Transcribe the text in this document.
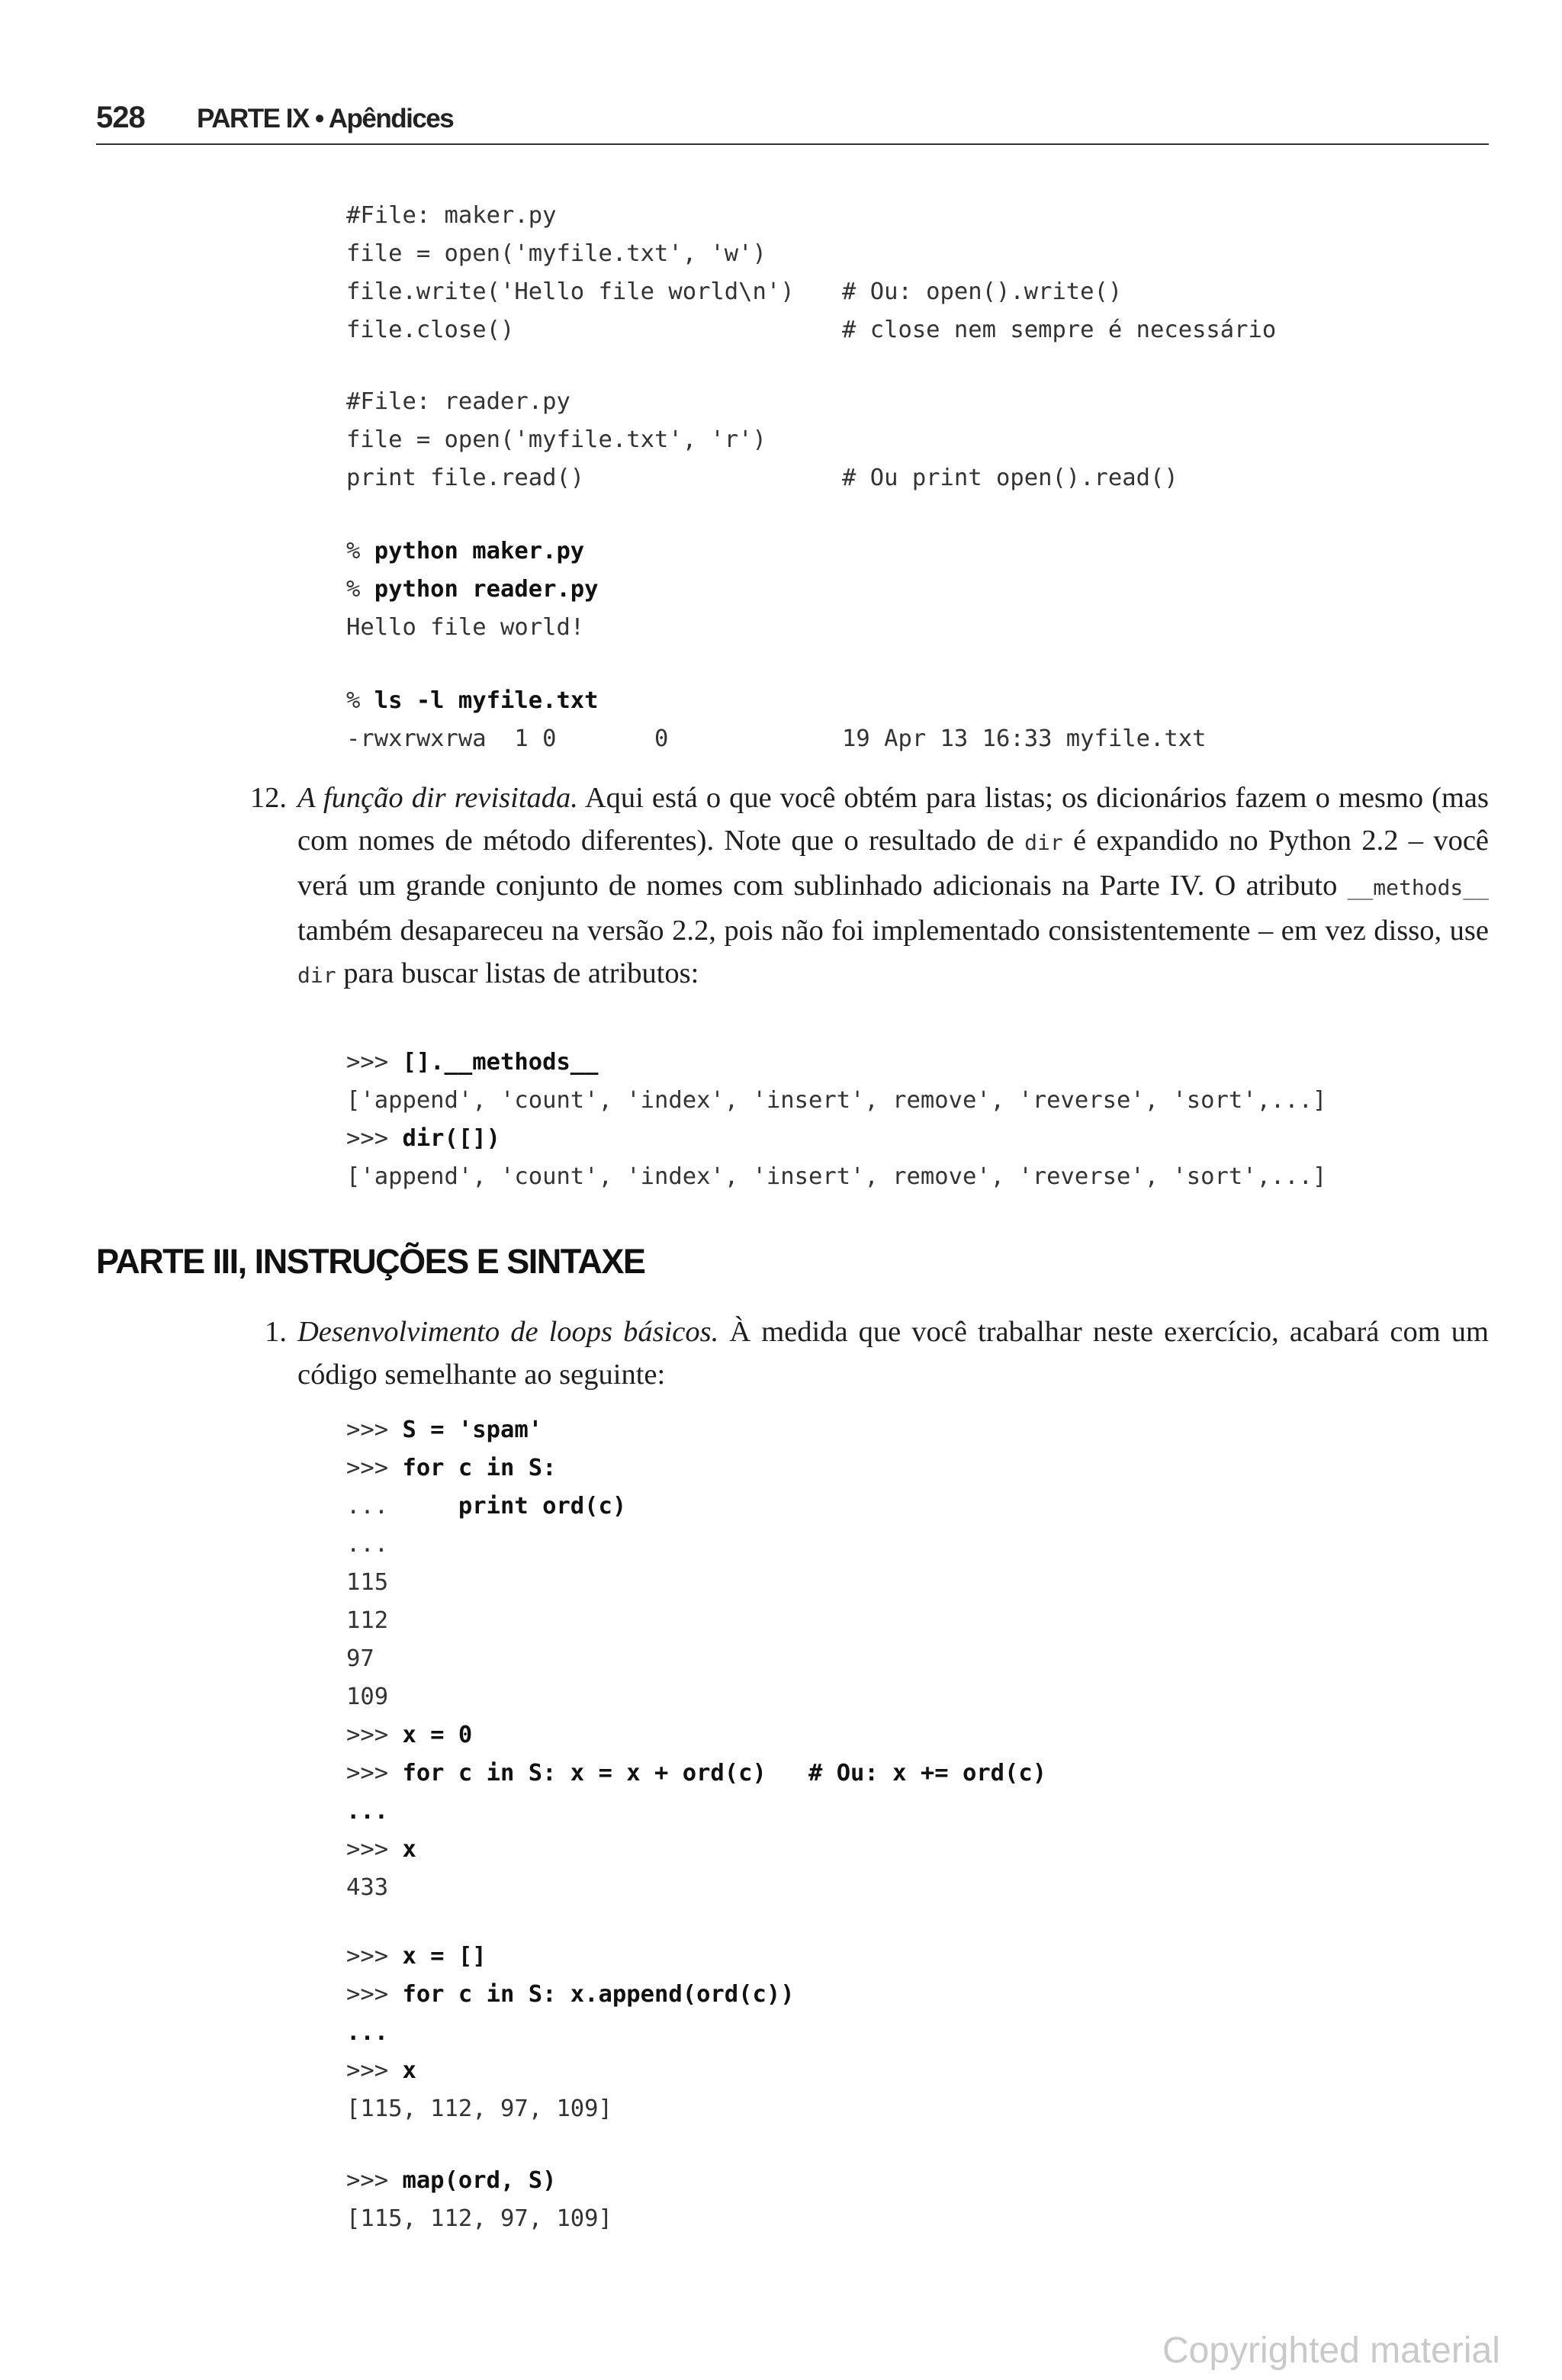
528 PARTE IX • Apêndices
#File: maker.py
file = open('myfile.txt', 'w')
file.write('Hello file world\n') # Ou: open().write()
file.close()	# close nem sempre é necessário
#File: reader.py
file = open('myfile.txt', 'r')
print file.read()	# Ou print open().read()
% python maker.py
% python reader.py
Hello file world!
% ls -l myfile.txt
-rwxrwxrwa  1 0       0	19 Apr 13 16:33 myfile.txt
12. A função dir revisitada. Aqui está o que você obtém para listas; os dicionários fazem o mesmo (mas com nomes de método diferentes). Note que o resultado de dir é expandido no Python 2.2 – você verá um grande conjunto de nomes com sublinhado adicionais na Parte IV. O atributo __methods__ também desapareceu na versão 2.2, pois não foi implementado consistentemente – em vez disso, use dir para buscar listas de atributos:
>>> [].__methods__
['append', 'count', 'index', 'insert', remove', 'reverse', 'sort',...]
>>> dir([])
['append', 'count', 'index', 'insert', remove', 'reverse', 'sort',...]
PARTE III, INSTRUÇÕES E SINTAXE
1. Desenvolvimento de loops básicos. À medida que você trabalhar neste exercício, acabará com um código semelhante ao seguinte:
>>> S = 'spam'
>>> for c in S:
...     print ord(c)
...
115
112
97
109
>>> x = 0
>>> for c in S: x = x + ord(c)   # Ou: x += ord(c)
...
>>> x
433
>>> x = []
>>> for c in S: x.append(ord(c))
...
>>> x
[115, 112, 97, 109]
>>> map(ord, S)
[115, 112, 97, 109]
Copyrighted material
